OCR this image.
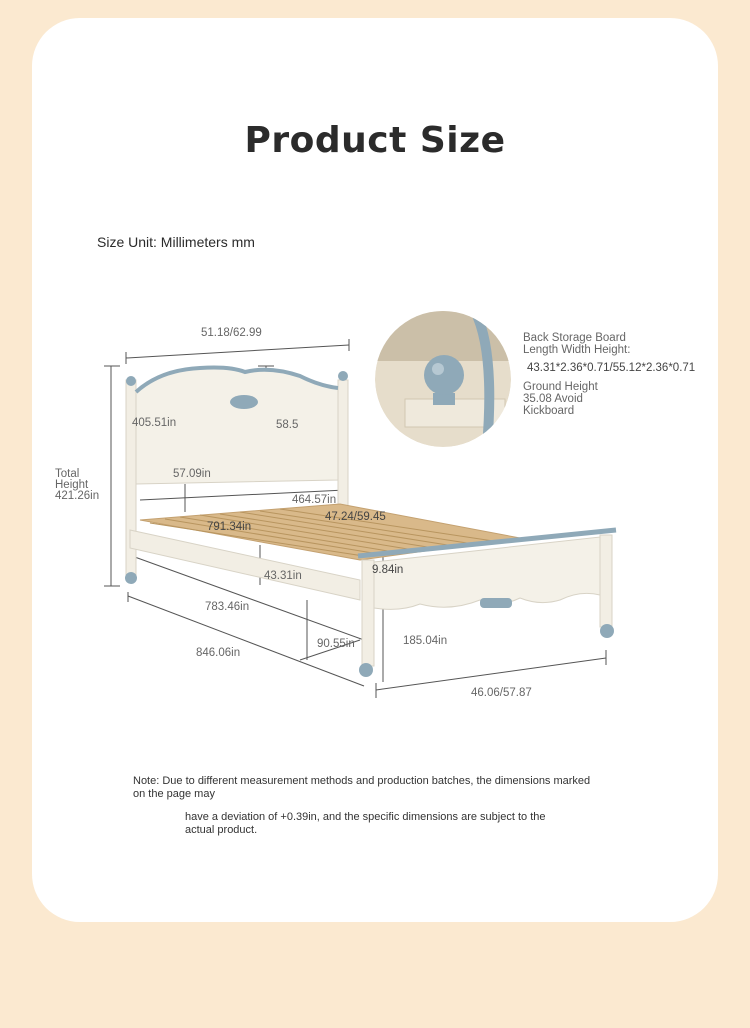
Product Size
Size Unit: Millimeters mm
Back Storage Board Length Width Height:
43.31*2.36*0.71/55.12*2.36*0.71
Ground Height 35.08 Avoid Kickboard
51.18/62.99
405.51in	58.5
57.09in
Total Height 421.26in	464.57in
47.24/59.45
791.34in
43.31in	9.84in
783.46in
846.06in
90.55in	185.04in
46.06/57.87
Note: Due to different measurement methods and production batches, the dimensions marked on the page may
have a deviation of +0.39in, and the specific dimensions are subject to the actual product.
